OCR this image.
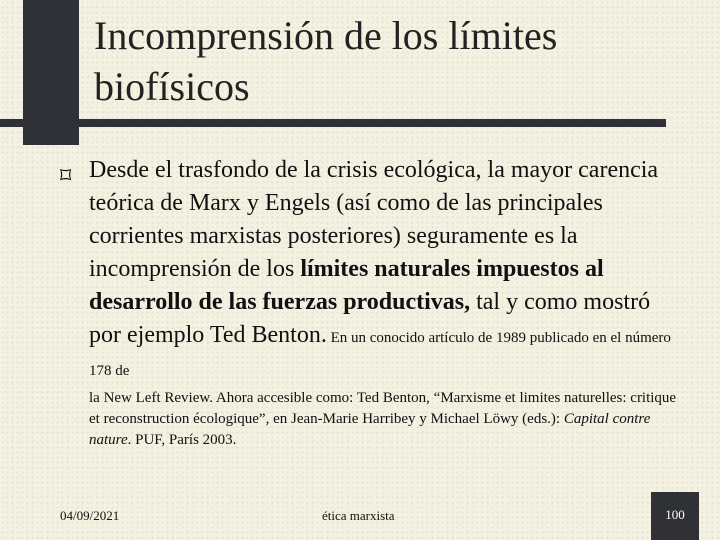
Incomprensión de los límites biofísicos
⌑ Desde el trasfondo de la crisis ecológica, la mayor carencia teórica de Marx y Engels (así como de las principales corrientes marxistas posteriores) seguramente es la incomprensión de los límites naturales impuestos al desarrollo de las fuerzas productivas, tal y como mostró por ejemplo Ted Benton. En un conocido artículo de 1989 publicado en el número 178 de
la New Left Review. Ahora accesible como: Ted Benton, “Marxisme et limites naturelles: critique et reconstruction écologique”, en Jean-Marie Harribey y Michael Löwy (eds.): Capital contre nature. PUF, París 2003.

04/09/2021	ética marxista	100
